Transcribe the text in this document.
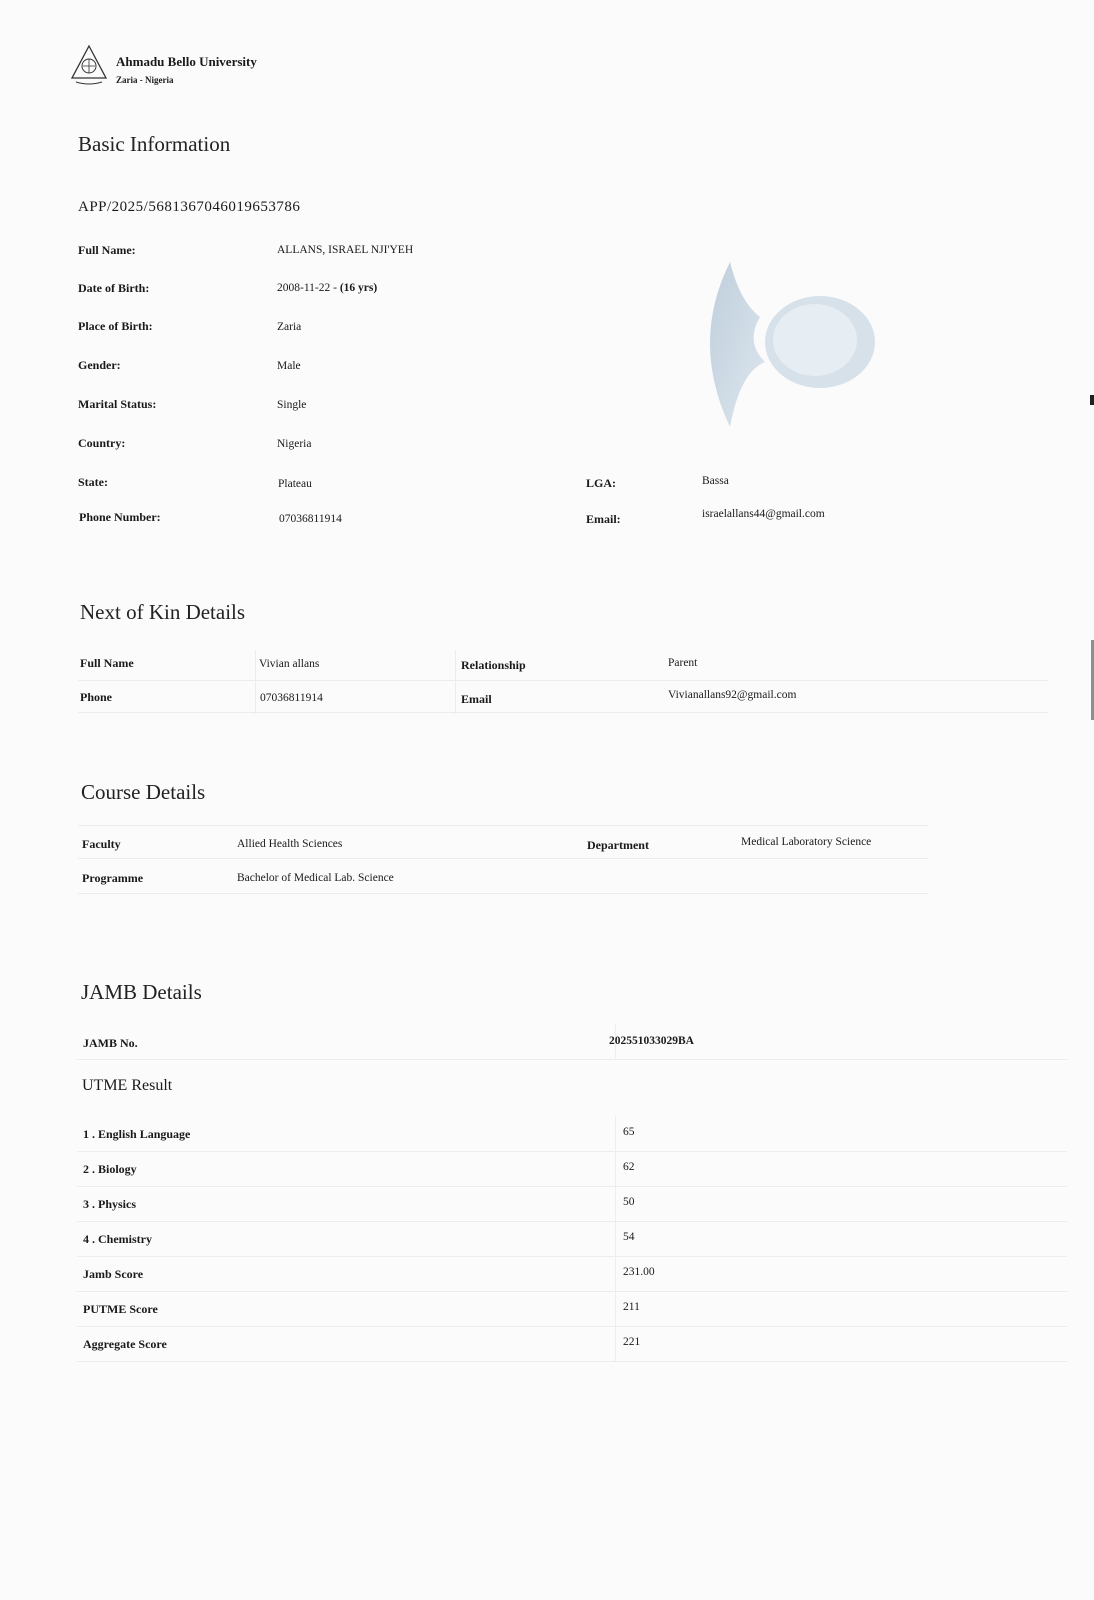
Ahmadu Bello University
Zaria - Nigeria
Basic Information
APP/2025/5681367046019653786
Full Name:	ALLANS, ISRAEL NJI'YEH
Date of Birth:	2008-11-22 - (16 yrs)
Place of Birth:	Zaria
Gender:	Male
Marital Status:	Single
Country:	Nigeria
State:	Plateau
Phone Number:	07036811914
LGA:	Bassa
Email:	israelallans44@gmail.com
Next of Kin Details
Full Name	Vivian allans	Relationship	Parent
Phone	07036811914	Email	Vivianallans92@gmail.com
Course Details
Faculty	Allied Health Sciences	Department	Medical Laboratory Science
Programme	Bachelor of Medical Lab. Science
JAMB Details
JAMB No.	202551033029BA
UTME Result
1 . English Language	65
2 . Biology	62
3 . Physics	50
4 . Chemistry	54
Jamb Score	231.00
PUTME Score	211
Aggregate Score	221
